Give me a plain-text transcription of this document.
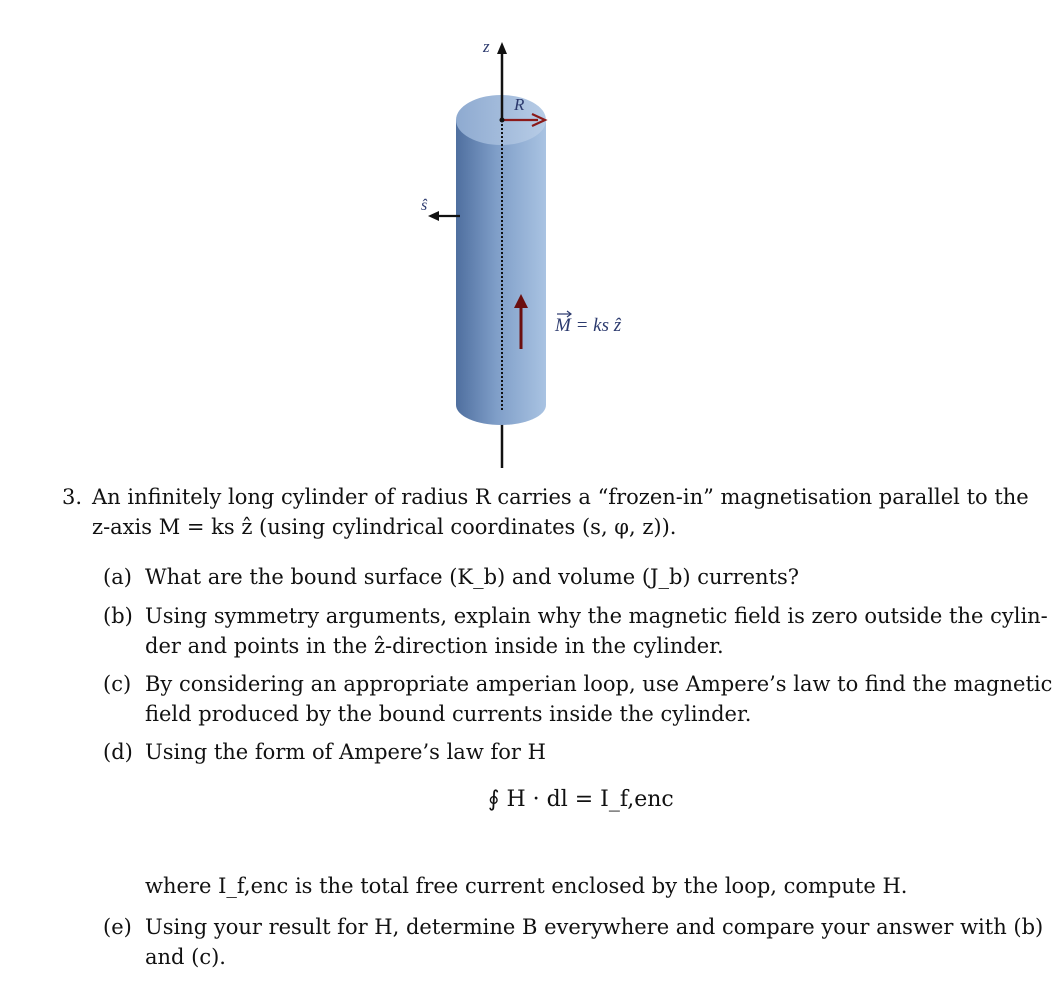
z
R
ŝ
M = ks ẑ
3. An infinitely long cylinder of radius R carries a “frozen-in” magnetisation parallel to the
z-axis M = ks ẑ (using cylindrical coordinates (s, φ, z)).
(a) What are the bound surface (K_b) and volume (J_b) currents?
(b) Using symmetry arguments, explain why the magnetic field is zero outside the cylin-
der and points in the ẑ-direction inside in the cylinder.
(c) By considering an appropriate amperian loop, use Ampere’s law to find the magnetic
field produced by the bound currents inside the cylinder.
(d) Using the form of Ampere’s law for H
∮ H · dl = I_f,enc
where I_f,enc is the total free current enclosed by the loop, compute H.
(e) Using your result for H, determine B everywhere and compare your answer with (b)
and (c).
